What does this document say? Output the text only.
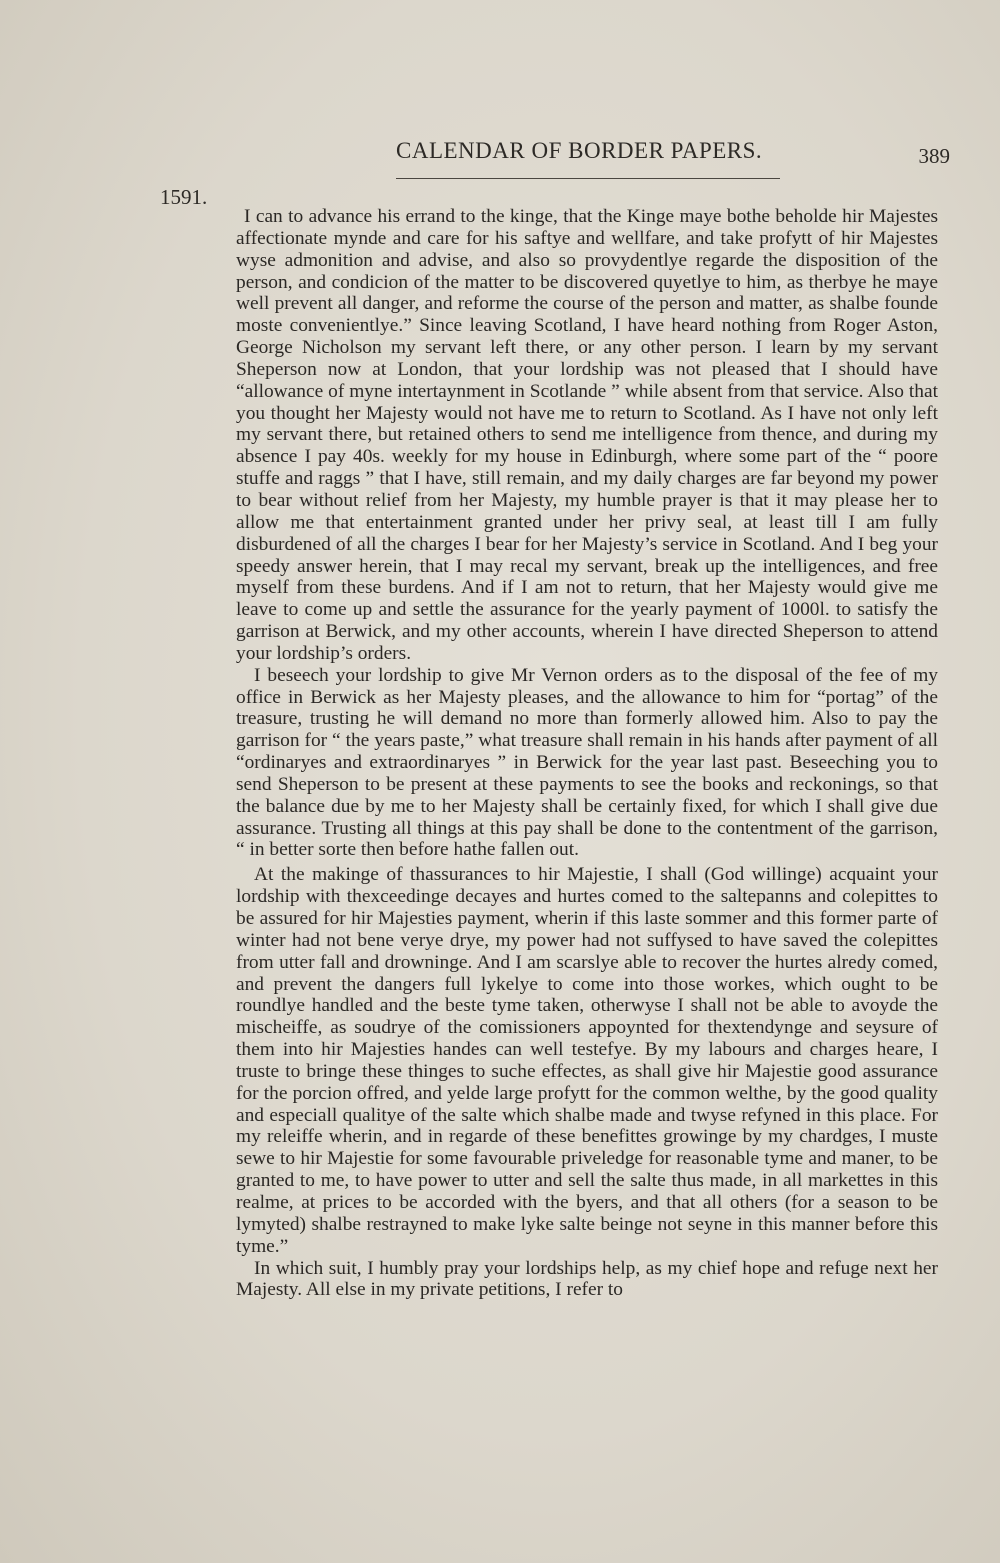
CALENDAR OF BORDER PAPERS.	389
1591.

I can to advance his errand to the kinge, that the Kinge maye bothe beholde hir Majestes affectionate mynde and care for his saftye and wellfare, and take profytt of hir Majestes wyse admonition and advise, and also so provydentlye regarde the disposition of the person, and condicion of the matter to be discovered quyetlye to him, as therbye he maye well prevent all danger, and reforme the course of the person and matter, as shalbe founde moste convenientlye.” Since leaving Scotland, I have heard nothing from Roger Aston, George Nicholson my servant left there, or any other person. I learn by my servant Sheperson now at London, that your lordship was not pleased that I should have “allowance of myne intertaynment in Scotlande ” while absent from that service. Also that you thought her Majesty would not have me to return to Scotland. As I have not only left my servant there, but retained others to send me intelligence from thence, and during my absence I pay 40s. weekly for my house in Edinburgh, where some part of the “ poore stuffe and raggs ” that I have, still remain, and my daily charges are far beyond my power to bear without relief from her Majesty, my humble prayer is that it may please her to allow me that entertainment granted under her privy seal, at least till I am fully disburdened of all the charges I bear for her Majesty’s service in Scotland. And I beg your speedy answer herein, that I may recal my servant, break up the intelligences, and free myself from these burdens. And if I am not to return, that her Majesty would give me leave to come up and settle the assurance for the yearly payment of 1000l. to satisfy the garrison at Berwick, and my other accounts, wherein I have directed Sheperson to attend your lordship’s orders.

I beseech your lordship to give Mr Vernon orders as to the disposal of the fee of my office in Berwick as her Majesty pleases, and the allowance to him for “portag” of the treasure, trusting he will demand no more than formerly allowed him. Also to pay the garrison for “ the years paste,” what treasure shall remain in his hands after payment of all “ordinaryes and extraordinaryes ” in Berwick for the year last past. Beseeching you to send Sheperson to be present at these payments to see the books and reckonings, so that the balance due by me to her Majesty shall be certainly fixed, for which I shall give due assurance. Trusting all things at this pay shall be done to the contentment of the garrison, “ in better sorte then before hathe fallen out.

At the makinge of thassurances to hir Majestie, I shall (God willinge) acquaint your lordship with thexceedinge decayes and hurtes comed to the saltepanns and colepittes to be assured for hir Majesties payment, wherin if this laste sommer and this former parte of winter had not bene verye drye, my power had not suffysed to have saved the colepittes from utter fall and drowninge. And I am scarslye able to recover the hurtes alredy comed, and prevent the dangers full lykelye to come into those workes, which ought to be roundlye handled and the beste tyme taken, otherwyse I shall not be able to avoyde the mischeiffe, as soudrye of the comissioners appoynted for thextendynge and seysure of them into hir Majesties handes can well testefye. By my labours and charges heare, I truste to bringe these thinges to suche effectes, as shall give hir Majestie good assurance for the porcion offred, and yelde large profytt for the common welthe, by the good quality and especiall qualitye of the salte which shalbe made and twyse refyned in this place. For my releiffe wherin, and in regarde of these benefittes growinge by my chardges, I muste sewe to hir Majestie for some favourable priveledge for reasonable tyme and maner, to be granted to me, to have power to utter and sell the salte thus made, in all markettes in this realme, at prices to be accorded with the byers, and that all others (for a season to be lymyted) shalbe restrayned to make lyke salte beinge not seyne in this manner before this tyme.”

In which suit, I humbly pray your lordships help, as my chief hope and refuge next her Majesty. All else in my private petitions, I refer to
